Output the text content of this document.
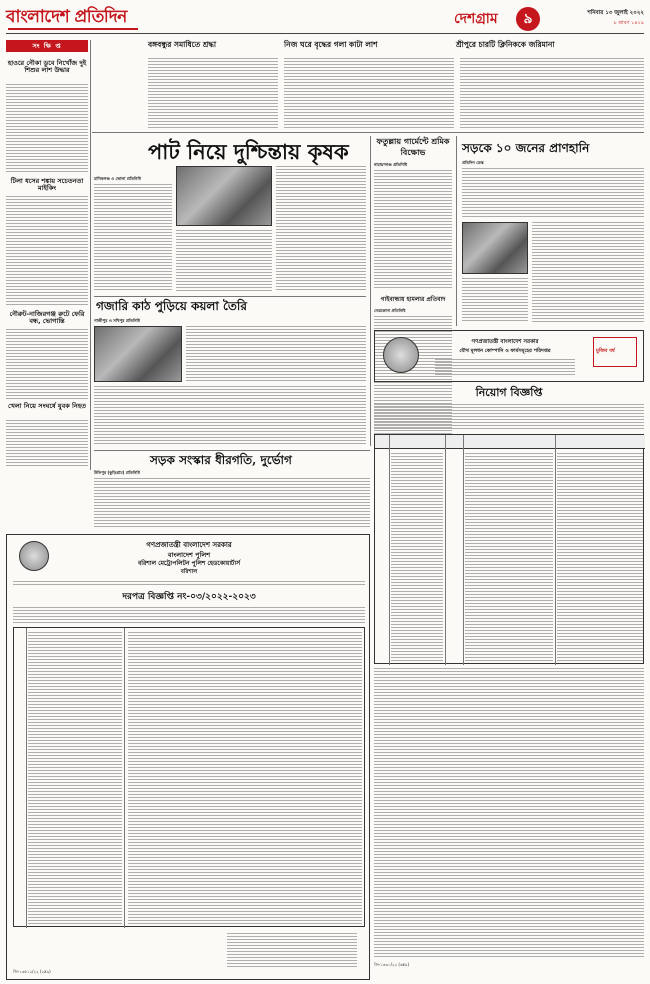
বাংলাদেশ প্রতিদিন	দেশগ্রাম	৯	শনিবার ১৩ জুলাই ২০২২
৮ শ্রাবণ ১৪২৯
সং ক্ষি প্ত	বঙ্গবন্ধুর সমাধিতে শ্রদ্ধা	নিজ ঘরে বৃদ্ধের গলা কাটা লাশ	শ্রীপুরে চারটি ক্লিনিককে জরিমানা
হাওরে নৌকা ডুবে নিখোঁজ দুই শিশুর লাশ উদ্ধার
টিলা ধসের শঙ্কায় সচেতনতা মাইকিং
নৌরুট-নাজিরগঞ্জ রুটে ফেরি বন্ধ, ভোগান্তি
খেলা নিয়ে সংঘর্ষে যুবক নিহত
পাট নিয়ে দুশ্চিন্তায় কৃষক
মানিকগঞ্জ ও ভোলা প্রতিনিধি
ফতুল্লায় গার্মেন্টে শ্রমিক বিক্ষোভ
নারায়ণগঞ্জ প্রতিনিধি
গাইবান্ধায় হামলার প্রতিবাদ
নেত্রকোনা প্রতিনিধি
সড়কে ১০ জনের প্রাণহানি
প্রতিদিন ডেস্ক
গজারি কাঠ পুড়িয়ে কয়লা তৈরি
গাজীপুর ও সখিপুর প্রতিনিধি
সড়ক সংস্কার ধীরগতি, দুর্ভোগ
উলিপুর (কুড়িগ্রাম) প্রতিনিধি
গণপ্রজাতন্ত্রী বাংলাদেশ সরকার
যৌথ মূলধন কোম্পানি ও ফার্মসমূহের পরিদপ্তর	মুজিব বর্ষ
নিয়োগ বিজ্ঞপ্তি
জি-১৩৩০/২২ (৬x৯)
গণপ্রজাতন্ত্রী বাংলাদেশ সরকার
বাংলাদেশ পুলিশ
বরিশাল মেট্রোপলিটন পুলিশ হেডকোয়ার্টার্স
বরিশাল
দরপত্র বিজ্ঞপ্তি নং-০৩/২০২২-২০২৩
জি-১৩৫১২/২২ (২x৯)
